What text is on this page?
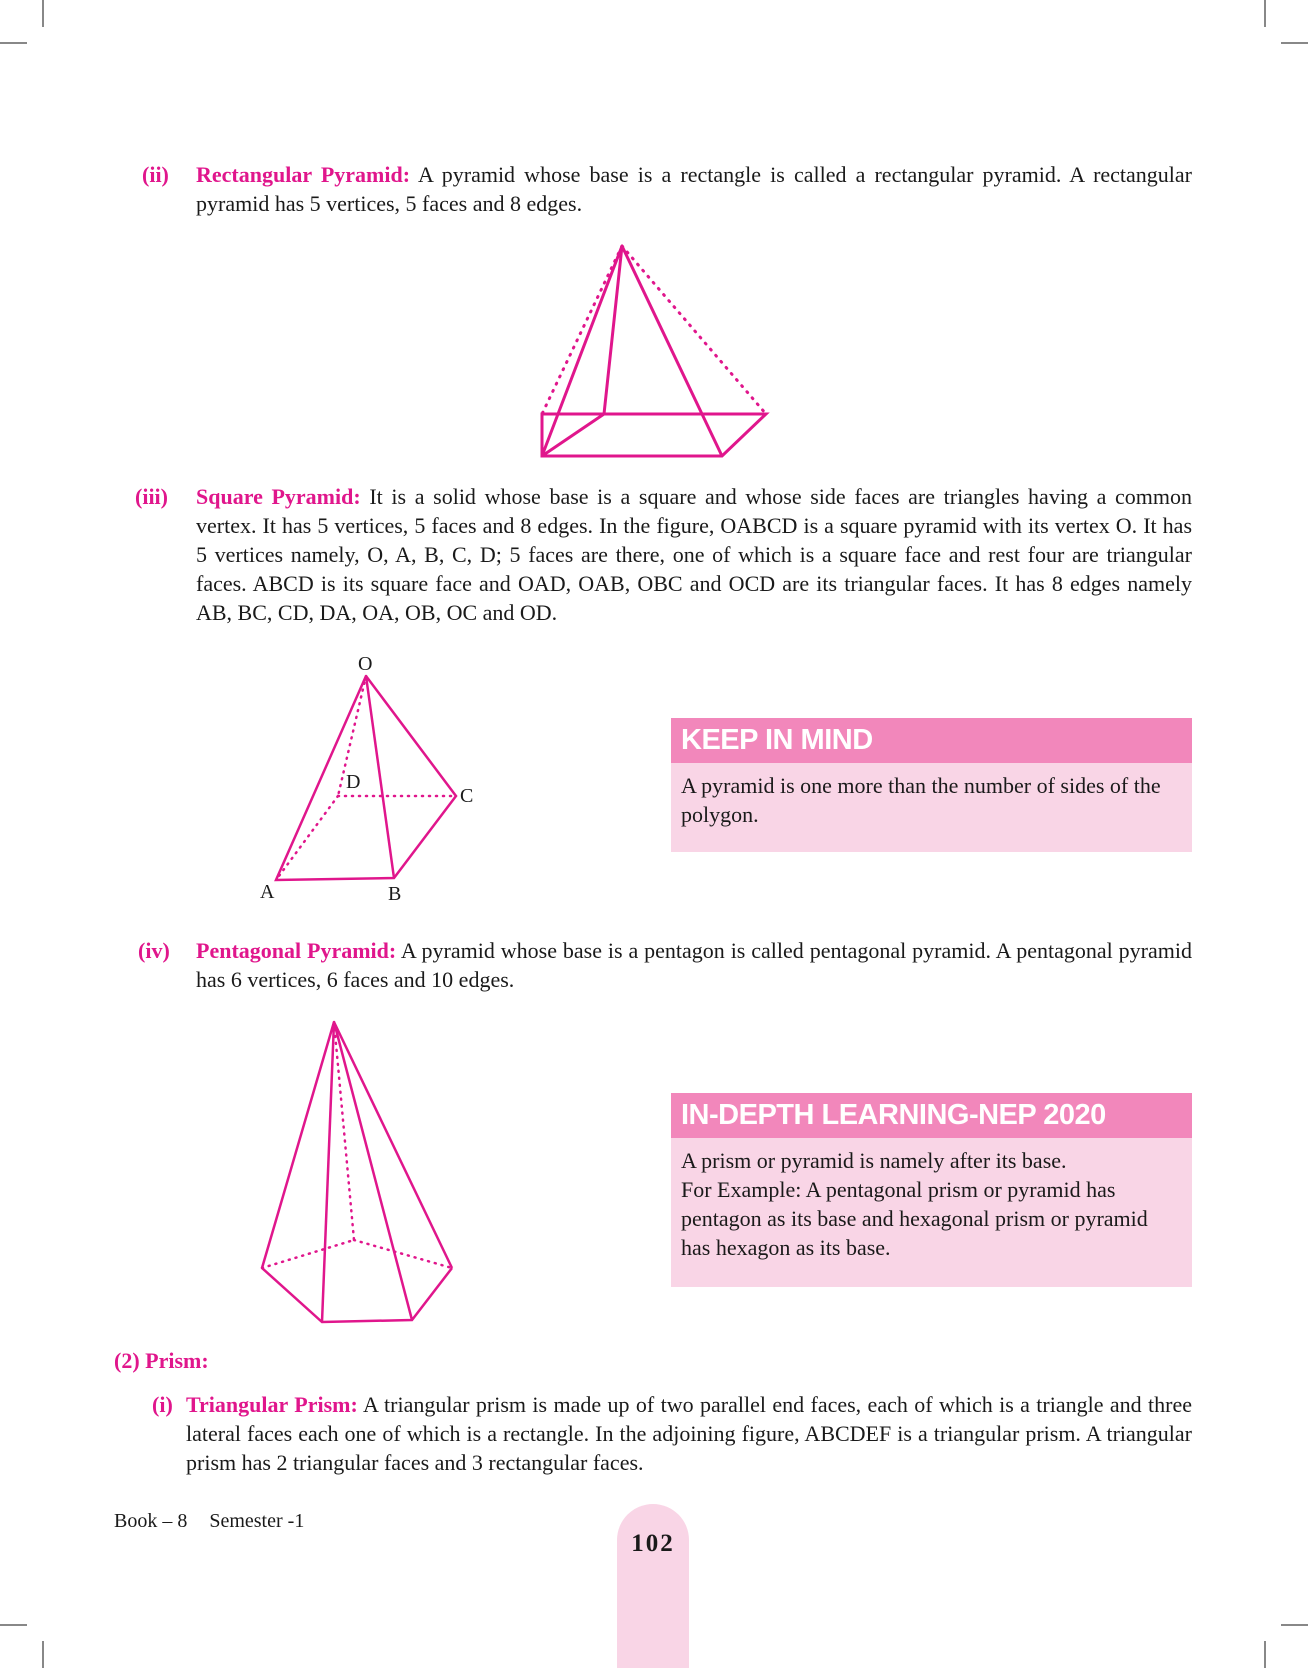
(ii) Rectangular Pyramid: A pyramid whose base is a rectangle is called a rectangular pyramid. A rectangular pyramid has 5 vertices, 5 faces and 8 edges.
(iii) Square Pyramid: It is a solid whose base is a square and whose side faces are triangles having a common vertex. It has 5 vertices, 5 faces and 8 edges. In the figure, OABCD is a square pyramid with its vertex O. It has 5 vertices namely, O, A, B, C, D; 5 faces are there, one of which is a square face and rest four are triangular faces. ABCD is its square face and OAD, OAB, OBC and OCD are its triangular faces. It has 8 edges namely AB, BC, CD, DA, OA, OB, OC and OD.
O
D
C
A	B
KEEP IN MIND

A pyramid is one more than the number of sides of the polygon.

(iv) Pentagonal Pyramid: A pyramid whose base is a pentagon is called pentagonal pyramid. A pentagonal pyramid has 6 vertices, 6 faces and 10 edges.
IN-DEPTH LEARNING-NEP 2020

A prism or pyramid is namely after its base.

For Example: A pentagonal prism or pyramid has pentagon as its base and hexagonal prism or pyramid has hexagon as its base.

(2) Prism:
(i) Triangular Prism: A triangular prism is made up of two parallel end faces, each of which is a triangle and three lateral faces each one of which is a rectangle. In the adjoining figure, ABCDEF is a triangular prism. A triangular prism has 2 triangular faces and 3 rectangular faces.
Book – 8 Semester -1
102
